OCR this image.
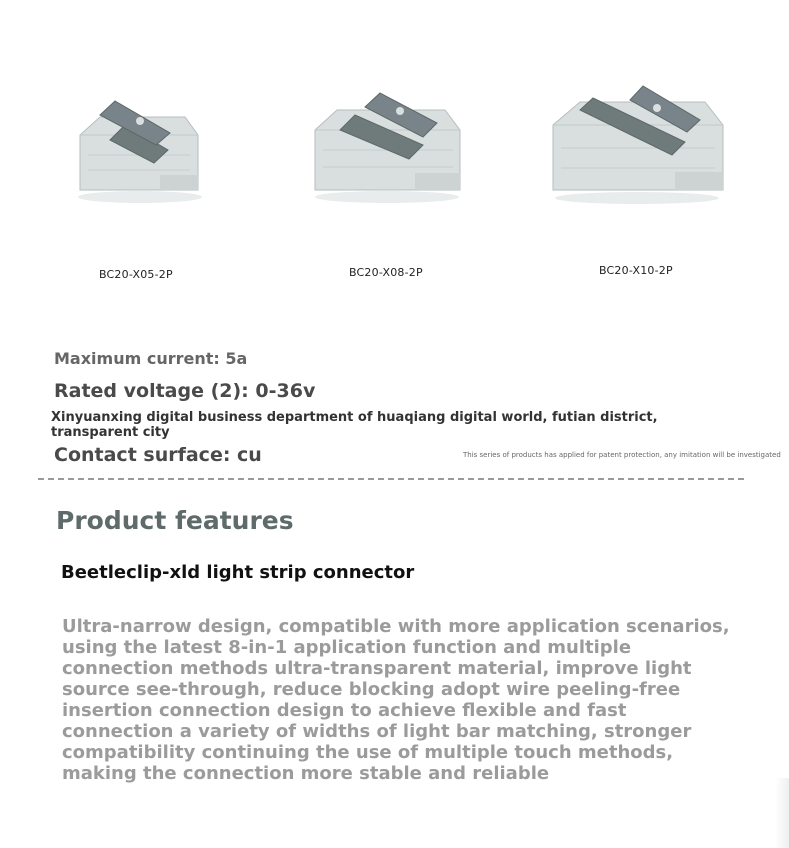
BC20-X05-2P	BC20-X08-2P	BC20-X10-2P
Maximum current: 5a
Rated voltage (2): 0-36v
Xinyuanxing digital business department of huaqiang digital world, futian district, transparent city
Contact surface: cu	This series of products has applied for patent protection, any imitation will be investigated
Product features
Beetleclip-xld light strip connector
Ultra-narrow design, compatible with more application scenarios, using the latest 8-in-1 application function and multiple connection methods ultra-transparent material, improve light source see-through, reduce blocking adopt wire peeling-free insertion connection design to achieve flexible and fast connection a variety of widths of light bar matching, stronger compatibility continuing the use of multiple touch methods, making the connection more stable and reliable
